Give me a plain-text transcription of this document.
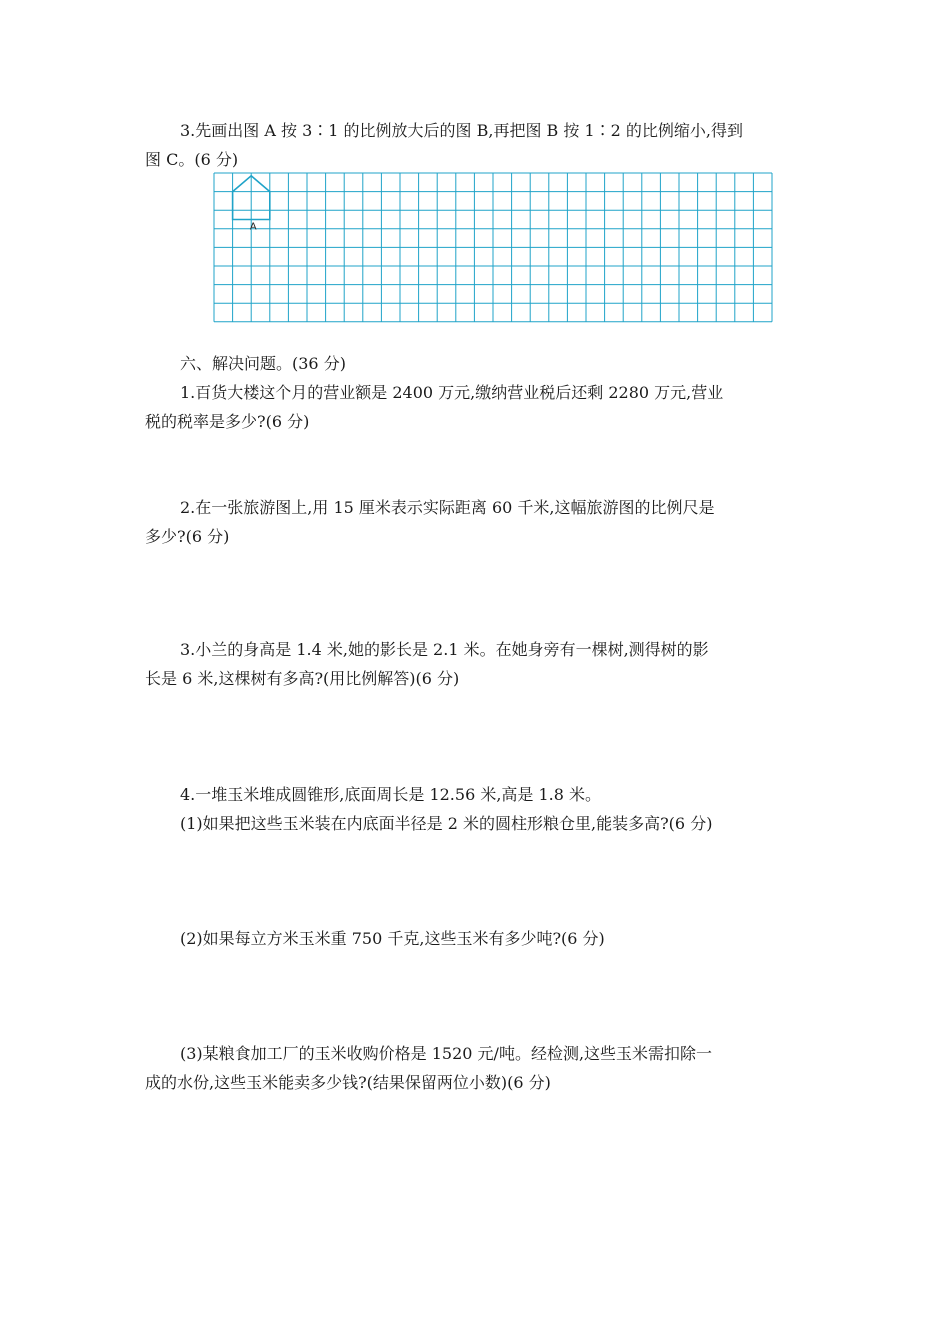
3.先画出图 A 按 3∶1 的比例放大后的图 B,再把图 B 按 1∶2 的比例缩小,得到
图 C。(6 分)
A
六、解决问题。(36 分)
1.百货大楼这个月的营业额是 2400 万元,缴纳营业税后还剩 2280 万元,营业
税的税率是多少?(6 分)
2.在一张旅游图上,用 15 厘米表示实际距离 60 千米,这幅旅游图的比例尺是
多少?(6 分)
3.小兰的身高是 1.4 米,她的影长是 2.1 米。在她身旁有一棵树,测得树的影
长是 6 米,这棵树有多高?(用比例解答)(6 分)
4.一堆玉米堆成圆锥形,底面周长是 12.56 米,高是 1.8 米。
(1)如果把这些玉米装在内底面半径是 2 米的圆柱形粮仓里,能装多高?(6 分)
(2)如果每立方米玉米重 750 千克,这些玉米有多少吨?(6 分)
(3)某粮食加工厂的玉米收购价格是 1520 元/吨。经检测,这些玉米需扣除一
成的水份,这些玉米能卖多少钱?(结果保留两位小数)(6 分)
